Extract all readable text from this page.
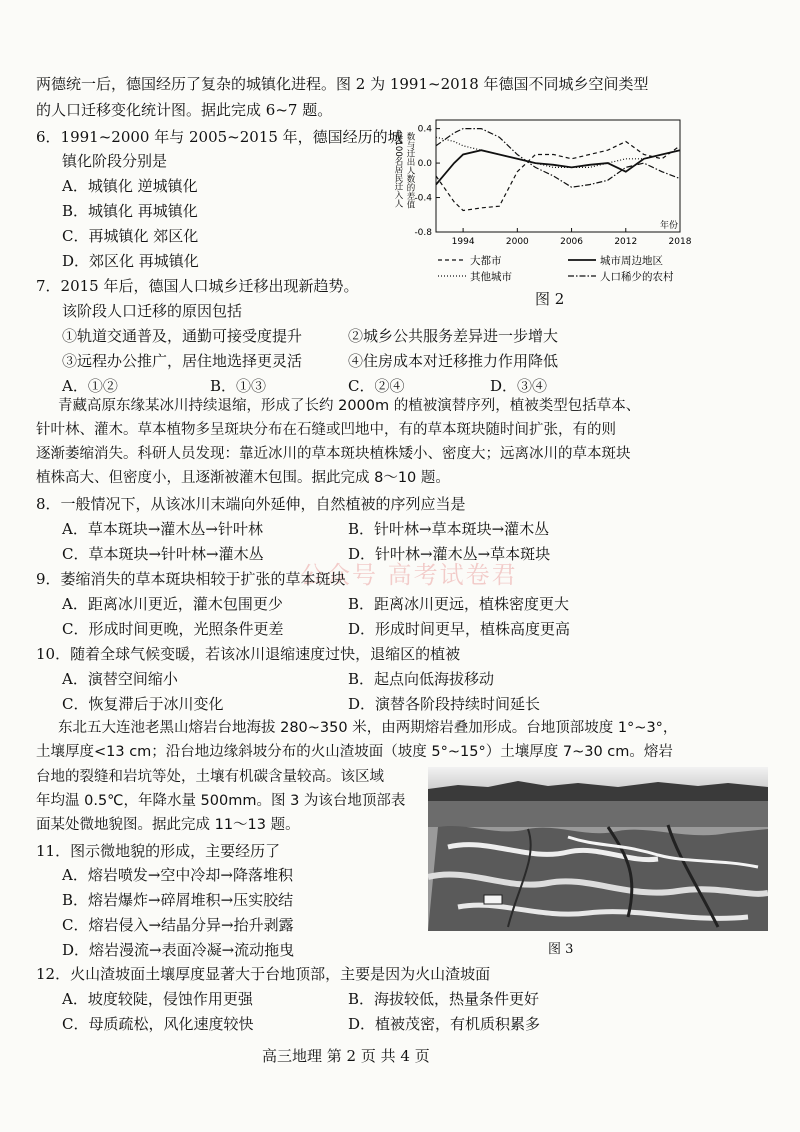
两德统一后，德国经历了复杂的城镇化进程。图 2 为 1991~2018 年德国不同城乡空间类型
的人口迁移变化统计图。据此完成 6~7 题。
6．1991~2000 年与 2005~2015 年，德国经历的城
镇化阶段分别是
A．城镇化 逆城镇化
B．城镇化 再城镇化
C．再城镇化 郊区化
D．郊区化 再城镇化
7．2015 年后，德国人口城乡迁移出现新趋势。
该阶段人口迁移的原因包括
①轨道交通普及，通勤可接受度提升	②城乡公共服务差异进一步增大
③远程办公推广，居住地选择更灵活	④住房成本对迁移推力作用降低
A．①②	B．①③	C．②④	D．③④
每100名居民迁入人 数与迁出人数的差值
0.4
0.0
-0.4
-0.8
1994	2000	2006	2012	2018
年份
大都市	城市周边地区
其他城市	人口稀少的农村
图 2
青藏高原东缘某冰川持续退缩，形成了长约 2000m 的植被演替序列，植被类型包括草本、
针叶林、灌木。草本植物多呈斑块分布在石缝或凹地中，有的草本斑块随时间扩张，有的则
逐渐萎缩消失。科研人员发现：靠近冰川的草本斑块植株矮小、密度大；远离冰川的草本斑块
植株高大、但密度小，且逐渐被灌木包围。据此完成 8～10 题。
8．一般情况下，从该冰川末端向外延伸，自然植被的序列应当是
A．草本斑块→灌木丛→针叶林	B．针叶林→草本斑块→灌木丛
C．草本斑块→针叶林→灌木丛	D．针叶林→灌木丛→草本斑块
公众号 高考试卷君
9．萎缩消失的草本斑块相较于扩张的草本斑块
A．距离冰川更近，灌木包围更少	B．距离冰川更远，植株密度更大
C．形成时间更晚，光照条件更差	D．形成时间更早，植株高度更高
10．随着全球气候变暖，若该冰川退缩速度过快，退缩区的植被
A．演替空间缩小	B．起点向低海拔移动
C．恢复滞后于冰川变化	D．演替各阶段持续时间延长
东北五大连池老黑山熔岩台地海拔 280~350 米，由两期熔岩叠加形成。台地顶部坡度 1°~3°，
土壤厚度<13 cm；沿台地边缘斜坡分布的火山渣坡面（坡度 5°~15°）土壤厚度 7~30 cm。熔岩
台地的裂缝和岩坑等处，土壤有机碳含量较高。该区域
年均温 0.5℃，年降水量 500mm。图 3 为该台地顶部表
面某处微地貌图。据此完成 11～13 题。
11．图示微地貌的形成，主要经历了
A．熔岩喷发→空中冷却→降落堆积
B．熔岩爆炸→碎屑堆积→压实胶结
C．熔岩侵入→结晶分异→抬升剥露
D．熔岩漫流→表面冷凝→流动拖曳	图 3
12．火山渣坡面土壤厚度显著大于台地顶部，主要是因为火山渣坡面
A．坡度较陡，侵蚀作用更强	B．海拔较低，热量条件更好
C．母质疏松，风化速度较快	D．植被茂密，有机质积累多
高三地理 第 2 页 共 4 页
